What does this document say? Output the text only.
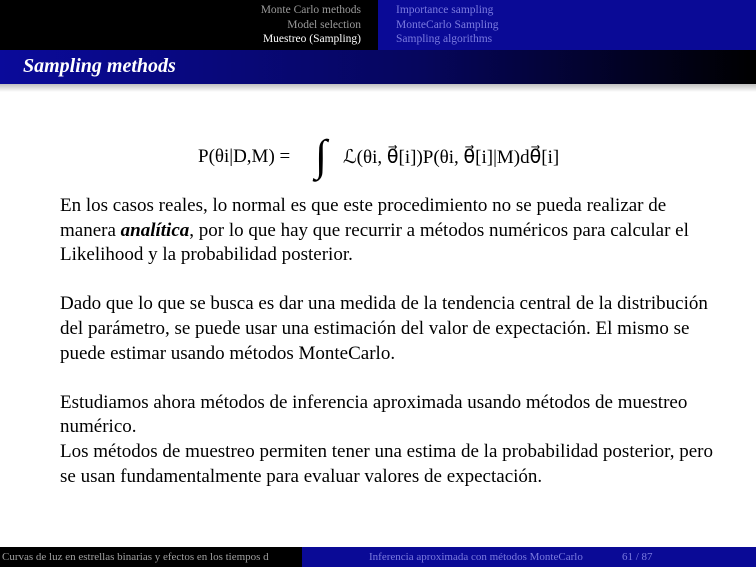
Monte Carlo methods
Model selection
Muestreo (Sampling)
Importance sampling
MonteCarlo Sampling
Sampling algorithms
Sampling methods
P(θi|D,M) = ∫ ℒ(θi, θ⃗[i])P(θi, θ⃗[i]|M)dθ⃗[i]

En los casos reales, lo normal es que este procedimiento no se pueda realizar de manera analítica, por lo que hay que recurrir a métodos numéricos para calcular el Likelihood y la probabilidad posterior.

Dado que lo que se busca es dar una medida de la tendencia central de la distribución del parámetro, se puede usar una estimación del valor de expectación. El mismo se puede estimar usando métodos MonteCarlo.

Estudiamos ahora métodos de inferencia aproximada usando métodos de muestreo numérico.

Los métodos de muestreo permiten tener una estima de la probabilidad posterior, pero se usan fundamentalmente para evaluar valores de expectación.

Curvas de luz en estrellas binarias y efectos en los tiempos d	Inferencia aproximada con métodos MonteCarlo	61 / 87
